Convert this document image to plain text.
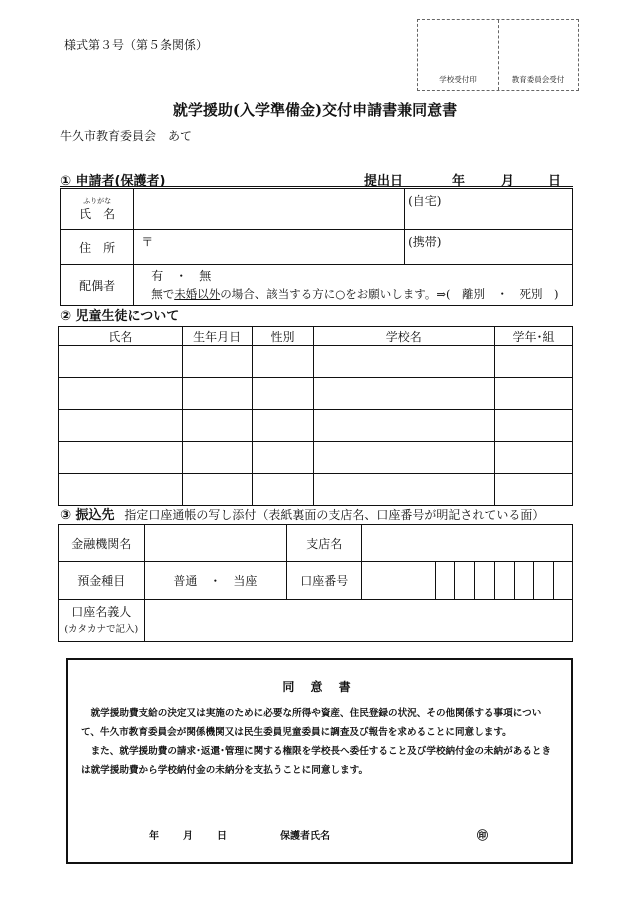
様式第３号（第５条関係）
学校受付印	教育委員会受付
就学援助(入学準備金)交付申請書兼同意書
牛久市教育委員会　あて
① 申請者(保護者)	提出日	年	月	日
ふりがな
氏　名		(自宅)
住　所	〒	(携帯)
配偶者	有　・　無
無で未婚以外の場合、該当する方に○をお願いします。⇒(　離別　・　死別　)	
② 児童生徒について
氏名	生年月日	性別	学校名	学年･組

③ 振込先 指定口座通帳の写し添付（表紙裏面の支店名、口座番号が明記されている面）
金融機関名		支店名								
預金種目	普通　・　当座	口座番号								

口座名義人
(カタカナで記入)										

同 意 書

就学援助費支給の決定又は実施のために必要な所得や資産、住民登録の状況、その他関係する事項について、牛久市教育委員会が関係機関又は民生委員児童委員に調査及び報告を求めることに同意します。

また、就学援助費の請求･返還･管理に関する権限を学校長へ委任すること及び学校納付金の未納があるときは就学援助費から学校納付金の未納分を支払うことに同意します。

年 月 日	保護者氏名	㊞
